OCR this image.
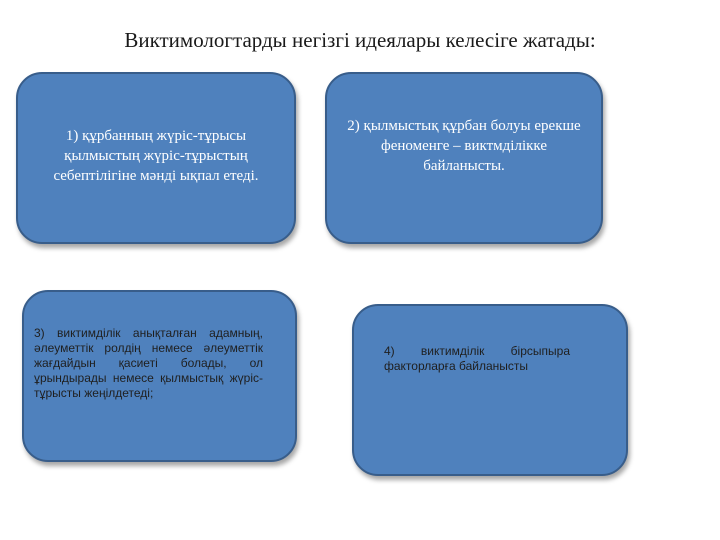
Виктимологтарды негізгі идеялары келесіге жатады:
1) құрбанның жүріс-тұрысы қылмыстың жүріс-тұрыстың себептілігіне мәнді ықпал етеді.
2) қылмыстық құрбан болуы ерекше феноменге – виктмділікке байланысты.
3) виктимділік анықталған адамның, әлеуметтік ролдің немесе әлеуметтік жағдайдын қасиеті болады, ол ұрындырады немесе қылмыстық жүріс-тұрысты жеңілдетеді;
4) виктимділік бірсыпыра факторларға байланысты
